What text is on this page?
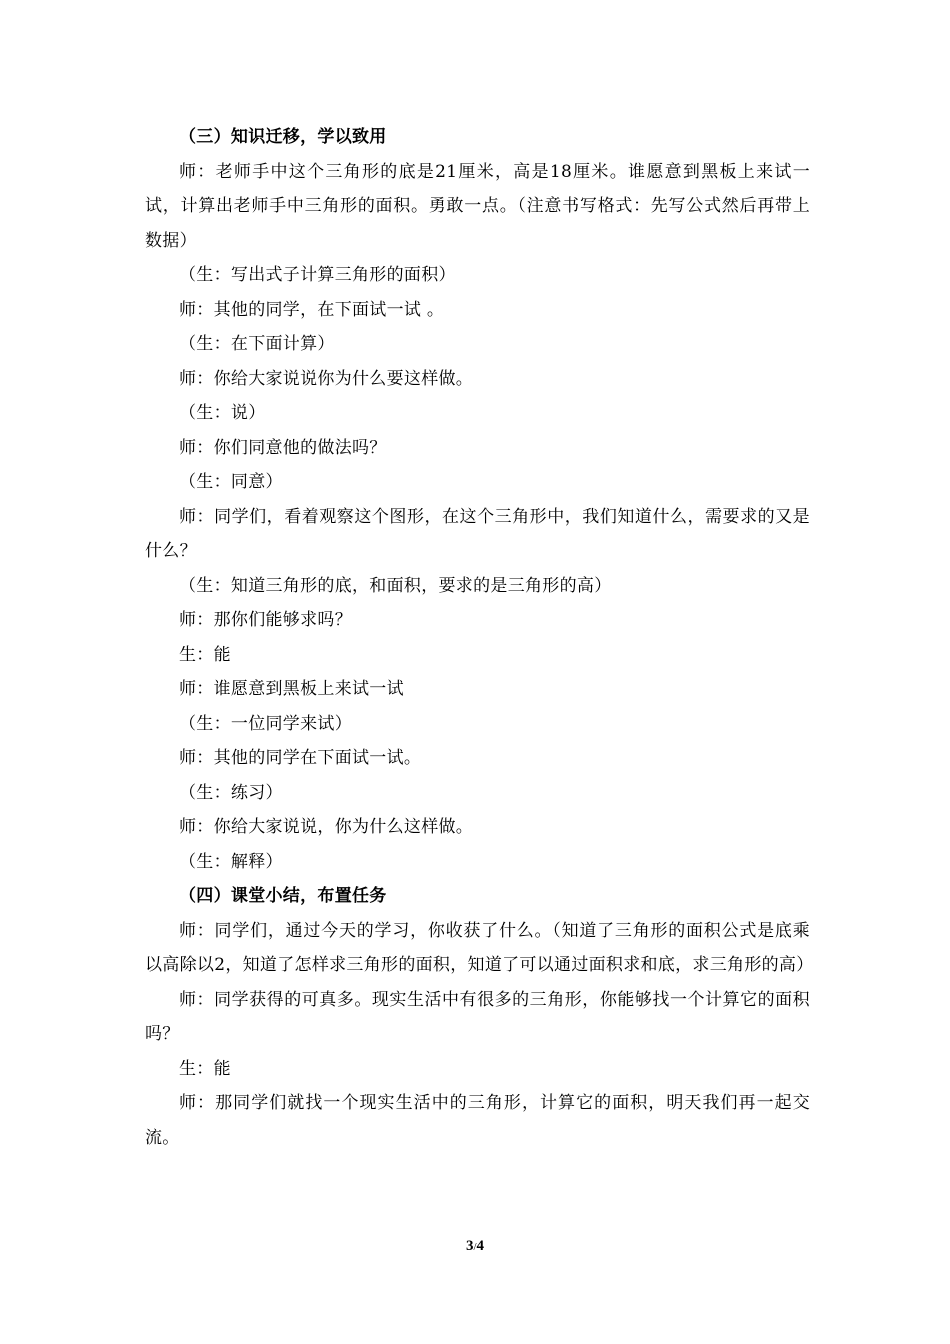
（三）知识迁移，学以致用

师：老师手中这个三角形的底是21厘米，高是18厘米。谁愿意到黑板上来试一试，计算出老师手中三角形的面积。勇敢一点。（注意书写格式：先写公式然后再带上数据）

（生：写出式子计算三角形的面积）

师：其他的同学，在下面试一试 。

（生：在下面计算）

师：你给大家说说你为什么要这样做。

（生：说）

师：你们同意他的做法吗？

（生：同意）

师：同学们，看着观察这个图形，在这个三角形中，我们知道什么，需要求的又是什么？

（生：知道三角形的底，和面积，要求的是三角形的高）

师：那你们能够求吗？

生：能

师：谁愿意到黑板上来试一试

（生：一位同学来试）

师：其他的同学在下面试一试。

（生：练习）

师：你给大家说说，你为什么这样做。

（生：解释）

（四）课堂小结，布置任务

师：同学们，通过今天的学习，你收获了什么。（知道了三角形的面积公式是底乘以高除以2，知道了怎样求三角形的面积，知道了可以通过面积求和底，求三角形的高）

师：同学获得的可真多。现实生活中有很多的三角形，你能够找一个计算它的面积吗？

生：能

师：那同学们就找一个现实生活中的三角形，计算它的面积，明天我们再一起交流。

3/4
